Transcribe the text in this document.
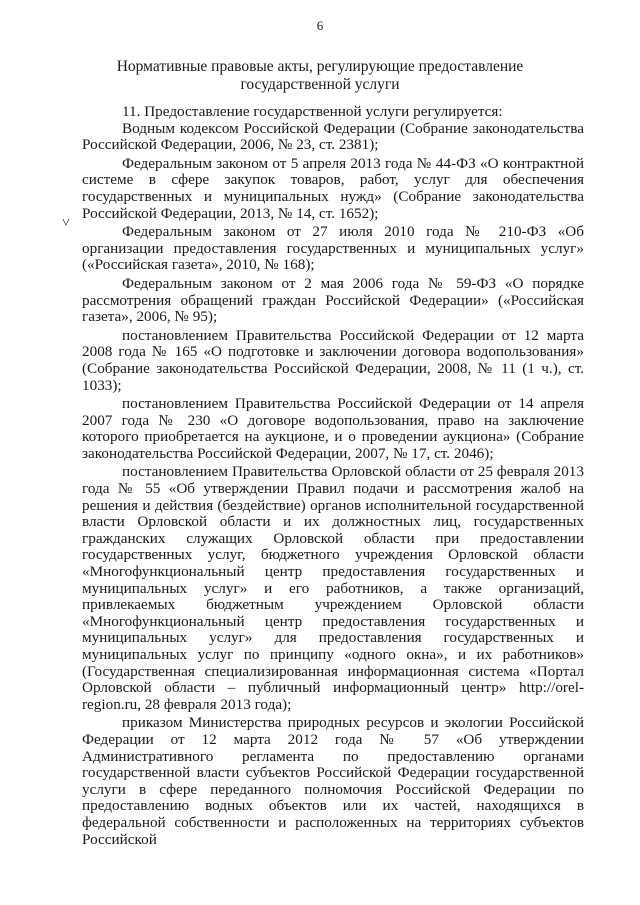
6
Нормативные правовые акты, регулирующие предоставление государственной услуги
˅

11. Предоставление государственной услуги регулируется:

Водным кодексом Российской Федерации (Собрание законодательства Российской Федерации, 2006, № 23, ст. 2381);

Федеральным законом от 5 апреля 2013 года № 44-ФЗ «О контрактной системе в сфере закупок товаров, работ, услуг для обеспечения государственных и муниципальных нужд» (Собрание законодательства Российской Федерации, 2013, № 14, ст. 1652);

Федеральным законом от 27 июля 2010 года № 210-ФЗ «Об организации предоставления государственных и муниципальных услуг» («Российская газета», 2010, № 168);

Федеральным законом от 2 мая 2006 года № 59-ФЗ «О порядке рассмотрения обращений граждан Российской Федерации» («Российская газета», 2006, № 95);

постановлением Правительства Российской Федерации от 12 марта 2008 года № 165 «О подготовке и заключении договора водопользования» (Собрание законодательства Российской Федерации, 2008, № 11 (1 ч.), ст. 1033);

постановлением Правительства Российской Федерации от 14 апреля 2007 года № 230 «О договоре водопользования, право на заключение которого приобретается на аукционе, и о проведении аукциона» (Собрание законодательства Российской Федерации, 2007, № 17, ст. 2046);

постановлением Правительства Орловской области от 25 февраля 2013 года № 55 «Об утверждении Правил подачи и рассмотрения жалоб на решения и действия (бездействие) органов исполнительной государственной власти Орловской области и их должностных лиц, государственных гражданских служащих Орловской области при предоставлении государственных услуг, бюджетного учреждения Орловской области «Многофункциональный центр предоставления государственных и муниципальных услуг» и его работников, а также организаций, привлекаемых бюджетным учреждением Орловской области «Многофункциональный центр предоставления государственных и муниципальных услуг» для предоставления государственных и муниципальных услуг по принципу «одного окна», и их работников» (Государственная специализированная информационная система «Портал Орловской области – публичный информационный центр» http://orel-region.ru, 28 февраля 2013 года);

приказом Министерства природных ресурсов и экологии Российской Федерации от 12 марта 2012 года № 57 «Об утверждении Административного регламента по предоставлению органами государственной власти субъектов Российской Федерации государственной услуги в сфере переданного полномочия Российской Федерации по предоставлению водных объектов или их частей, находящихся в федеральной собственности и расположенных на территориях субъектов Российской
